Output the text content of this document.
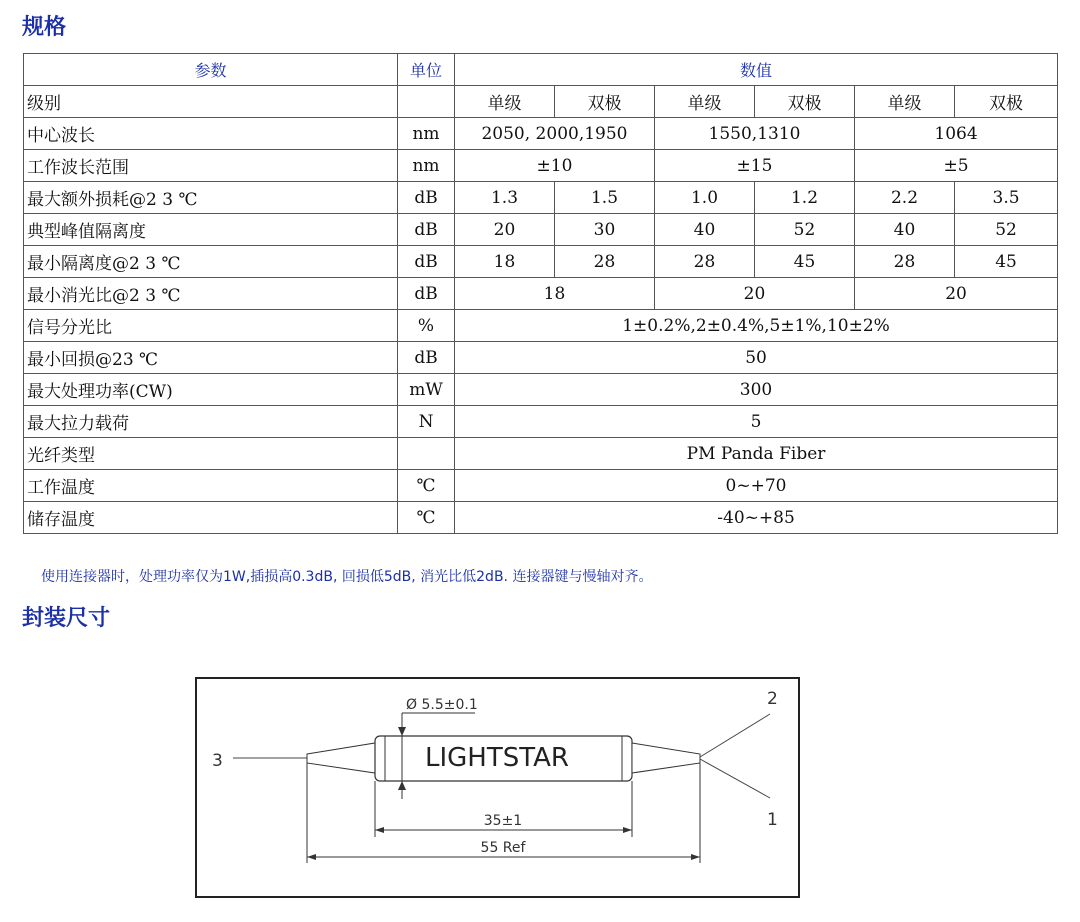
规格
参数	单位	数值					
级别		单级	双极	单级	双极	单级	双极
中心波长	nm	2050, 2000,1950		1550,1310		1064	
工作波长范围	nm	±10		±15		±5	
最大额外损耗@2 3 ℃	dB	1.3	1.5	1.0	1.2	2.2	3.5
典型峰值隔离度	dB	20	30	40	52	40	52
最小隔离度@2 3 ℃	dB	18	28	28	45	28	45
最小消光比@2 3 ℃	dB	18		20		20	
信号分光比	%	1±0.2%,2±0.4%,5±1%,10±2%					
最小回损@23 ℃	dB	50					
最大处理功率(CW)	mW	300					
最大拉力载荷	N	5					
光纤类型		PM Panda Fiber					
工作温度	℃	0~+70					
储存温度	℃	-40~+85					

使用连接器时，处理功率仅为1W,插损高0.3dB, 回损低5dB, 消光比低2dB. 连接器键与慢轴对齐。

封装尺寸
Ø 5.5±0.1
LIGHTSTAR
35±1
55 Ref
3
2
1
